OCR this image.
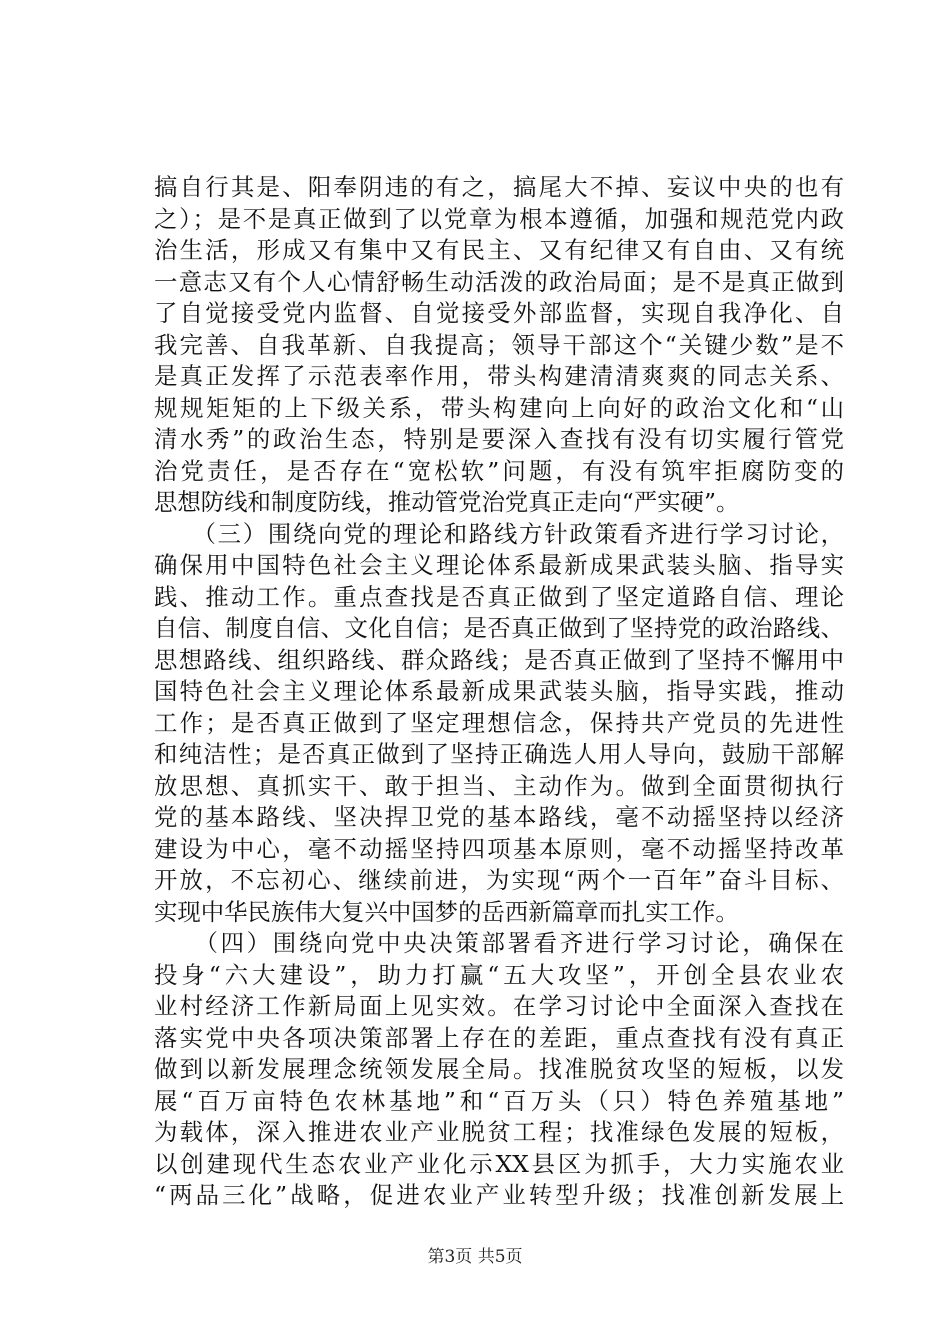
搞自行其是、阳奉阴违的有之，搞尾大不掉、妄议中央的也有
之）；是不是真正做到了以党章为根本遵循，加强和规范党内政
治生活，形成又有集中又有民主、又有纪律又有自由、又有统
一意志又有个人心情舒畅生动活泼的政治局面；是不是真正做到
了自觉接受党内监督、自觉接受外部监督，实现自我净化、自
我完善、自我革新、自我提高；领导干部这个“关键少数”是不
是真正发挥了示范表率作用，带头构建清清爽爽的同志关系、
规规矩矩的上下级关系，带头构建向上向好的政治文化和“山
清水秀”的政治生态，特别是要深入查找有没有切实履行管党
治党责任，是否存在“宽松软”问题，有没有筑牢拒腐防变的
思想防线和制度防线，推动管党治党真正走向“严实硬”。
　　（三）围绕向党的理论和路线方针政策看齐进行学习讨论，
确保用中国特色社会主义理论体系最新成果武装头脑、指导实
践、推动工作。重点查找是否真正做到了坚定道路自信、理论
自信、制度自信、文化自信；是否真正做到了坚持党的政治路线、
思想路线、组织路线、群众路线；是否真正做到了坚持不懈用中
国特色社会主义理论体系最新成果武装头脑，指导实践，推动
工作；是否真正做到了坚定理想信念，保持共产党员的先进性
和纯洁性；是否真正做到了坚持正确选人用人导向，鼓励干部解
放思想、真抓实干、敢于担当、主动作为。做到全面贯彻执行
党的基本路线、坚决捍卫党的基本路线，毫不动摇坚持以经济
建设为中心，毫不动摇坚持四项基本原则，毫不动摇坚持改革
开放，不忘初心、继续前进，为实现“两个一百年”奋斗目标、
实现中华民族伟大复兴中国梦的岳西新篇章而扎实工作。
　　（四）围绕向党中央决策部署看齐进行学习讨论，确保在
投身“六大建设”，助力打赢“五大攻坚”，开创全县农业农
业村经济工作新局面上见实效。在学习讨论中全面深入查找在
落实党中央各项决策部署上存在的差距，重点查找有没有真正
做到以新发展理念统领发展全局。找准脱贫攻坚的短板，以发
展“百万亩特色农林基地”和“百万头（只）特色养殖基地”
为载体，深入推进农业产业脱贫工程；找准绿色发展的短板，
以创建现代生态农业产业化示XX县区为抓手，大力实施农业
“两品三化”战略，促进农业产业转型升级；找准创新发展上
第3页 共5页
